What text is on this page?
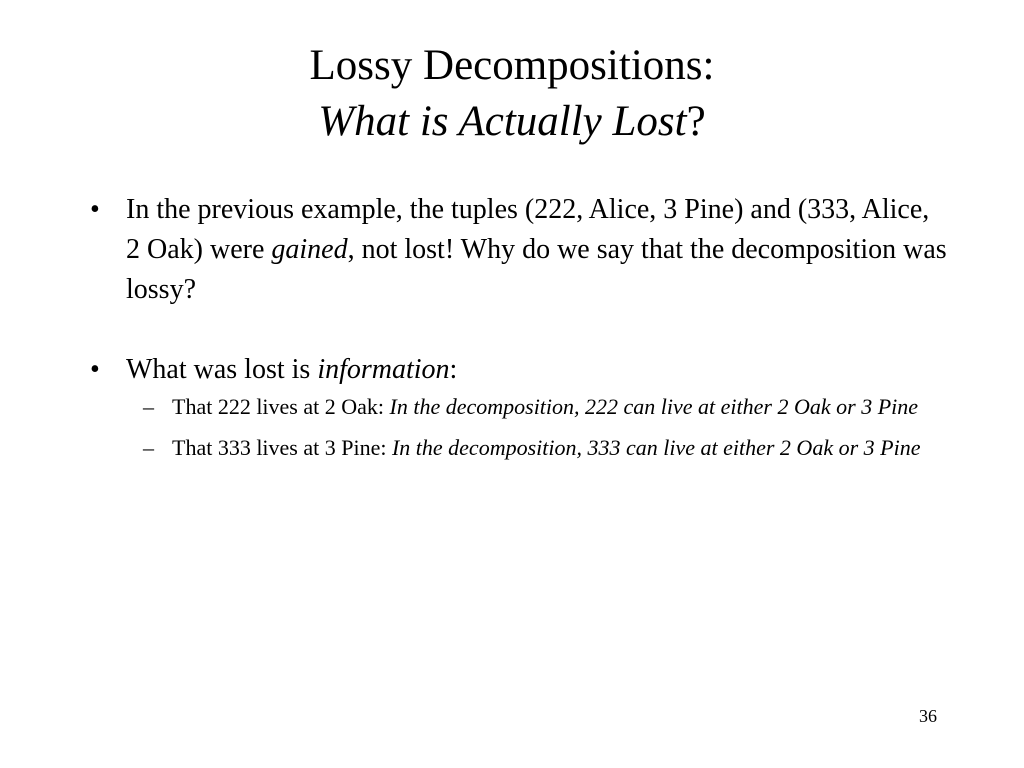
Lossy Decompositions:
What is Actually Lost?
• In the previous example, the tuples (222, Alice, 3 Pine) and (333, Alice, 2 Oak) were gained, not lost! Why do we say that the decomposition was lossy?
• What was lost is information:
– That 222 lives at 2 Oak: In the decomposition, 222 can live at either 2 Oak or 3 Pine
– That 333 lives at 3 Pine: In the decomposition, 333 can live at either 2 Oak or 3 Pine
36
